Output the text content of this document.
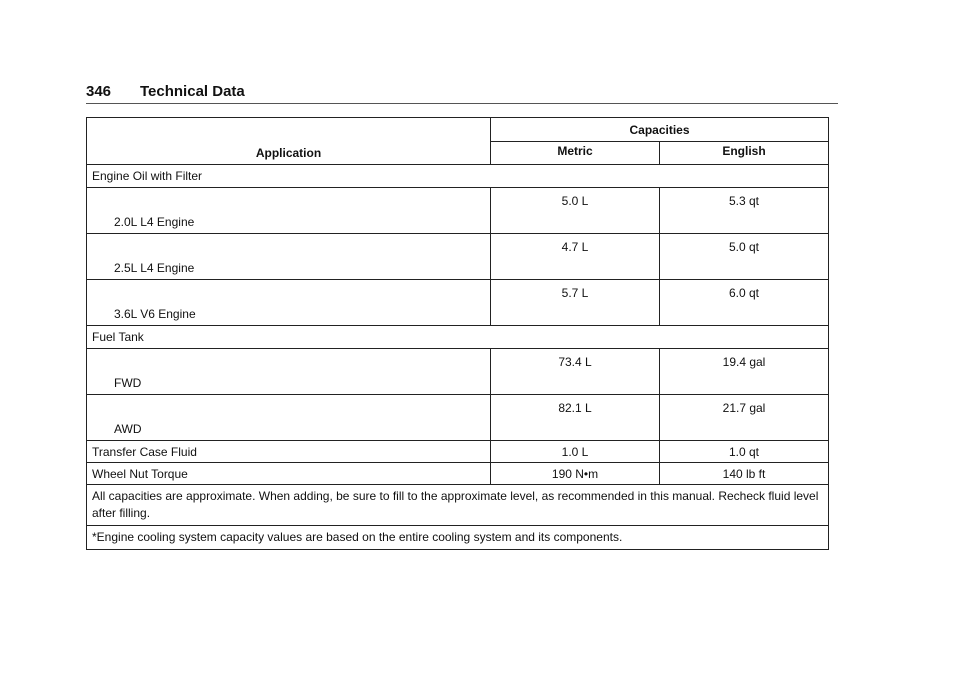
346	Technical Data
Application	Capacities	
	Metric	English
Engine Oil with Filter		
2.0L L4 Engine	5.0 L	5.3 qt
2.5L L4 Engine	4.7 L	5.0 qt
3.6L V6 Engine	5.7 L	6.0 qt
Fuel Tank		
FWD	73.4 L	19.4 gal
AWD	82.1 L	21.7 gal
Transfer Case Fluid	1.0 L	1.0 qt
Wheel Nut Torque	190 N•m	140 lb ft
All capacities are approximate. When adding, be sure to fill to the approximate level, as recommended in this manual. Recheck fluid level after filling.		
*Engine cooling system capacity values are based on the entire cooling system and its components.		
